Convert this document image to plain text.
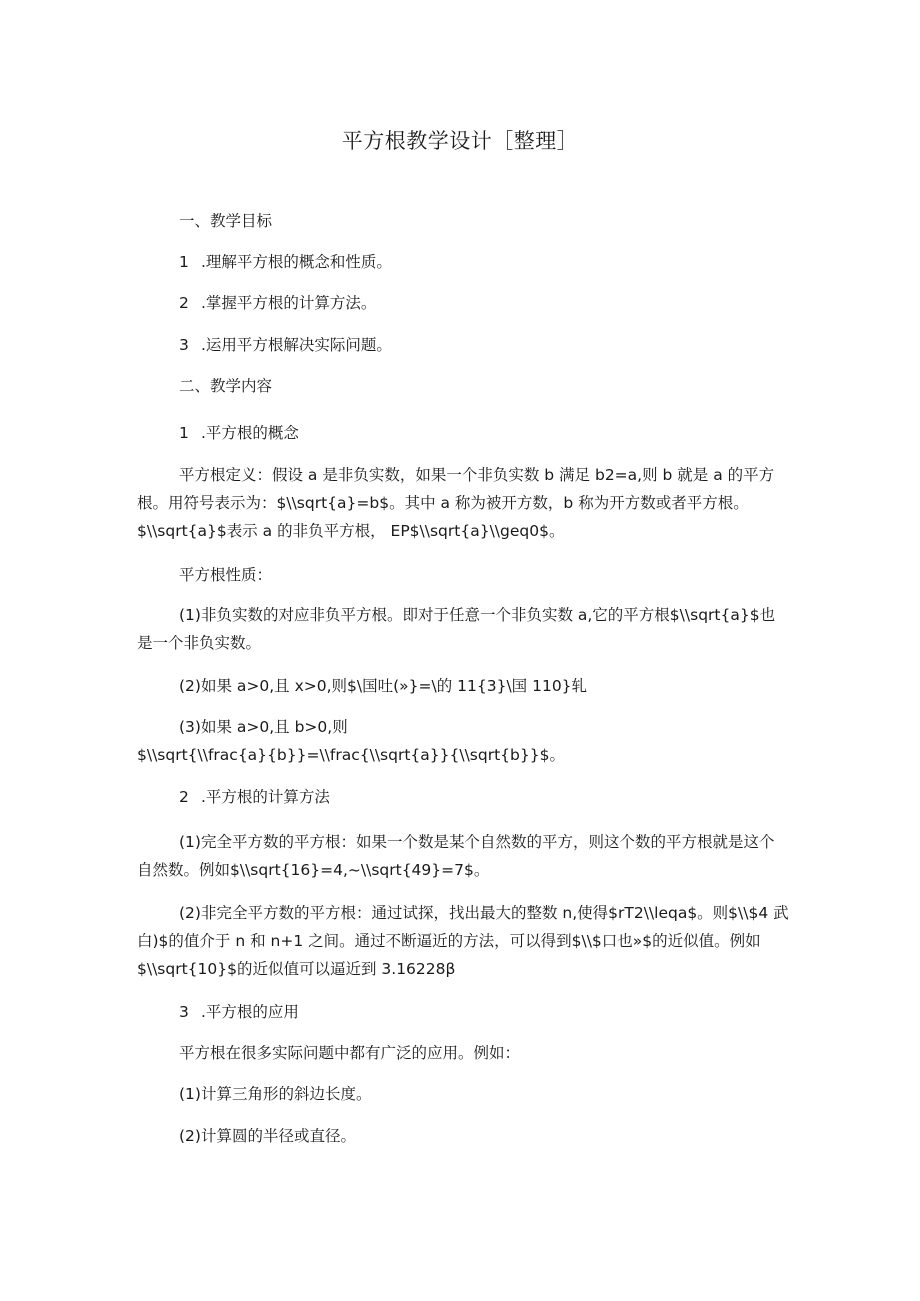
平方根教学设计［整理］
一、教学目标
1 .理解平方根的概念和性质。
2 .掌握平方根的计算方法。
3 .运用平方根解决实际问题。
二、教学内容
1 .平方根的概念
平方根定义：假设 a 是非负实数，如果一个非负实数 b 满足 b2=a,则 b 就是 a 的平方
根。用符号表示为：$\\sqrt{a}=b$。其中 a 称为被开方数，b 称为开方数或者平方根。
$\\sqrt{a}$表示 a 的非负平方根， EP$\\sqrt{a}\\geq0$。
平方根性质：
(1)非负实数的对应非负平方根。即对于任意一个非负实数 a,它的平方根$\\sqrt{a}$也
是一个非负实数。
(2)如果 a>0,且 x>0,则$\国吐(»}=\的 11{3}\国 110}轧
(3)如果 a>0,且 b>0,则
$\\sqrt{\\frac{a}{b}}=\\frac{\\sqrt{a}}{\\sqrt{b}}$。
2 .平方根的计算方法
(1)完全平方数的平方根：如果一个数是某个自然数的平方，则这个数的平方根就是这个
自然数。例如$\\sqrt{16}=4,~\\sqrt{49}=7$。
(2)非完全平方数的平方根：通过试探，找出最大的整数 n,使得$rT2\\leqa$。则$\\$4 武
白)$的值介于 n 和 n+1 之间。通过不断逼近的方法，可以得到$\\$口也»$的近似值。例如
$\\sqrt{10}$的近似值可以逼近到 3.16228β
3 .平方根的应用
平方根在很多实际问题中都有广泛的应用。例如：
(1)计算三角形的斜边长度。
(2)计算圆的半径或直径。
